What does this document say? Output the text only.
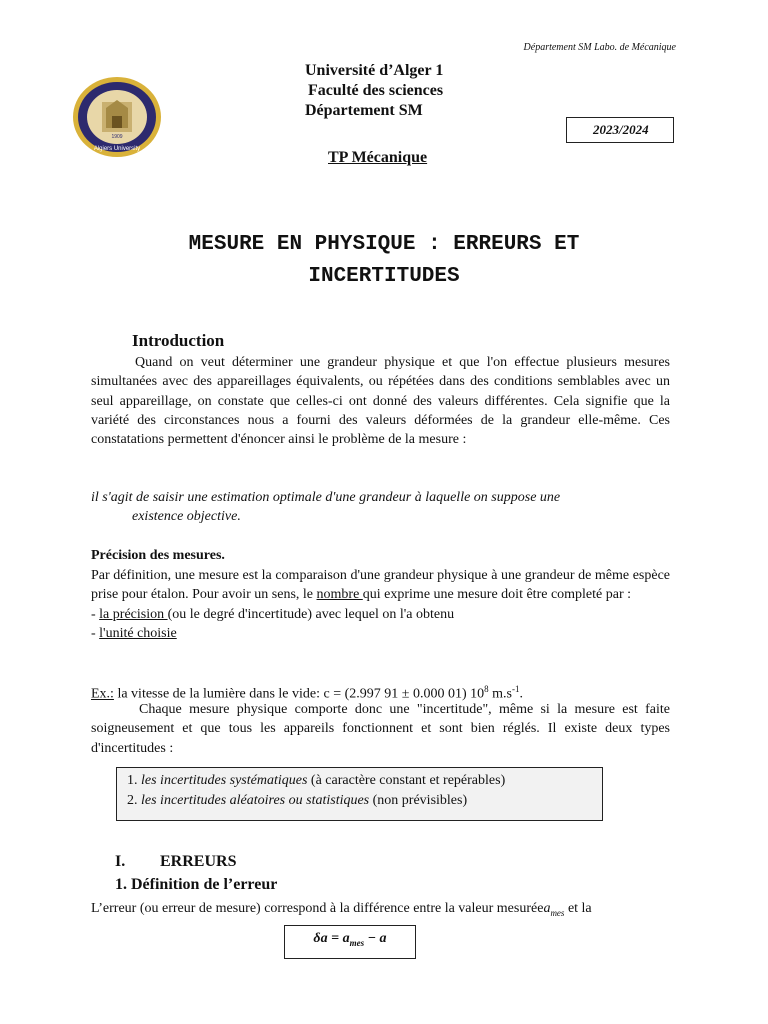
Département SM Labo. de Mécanique
Algiers University
1909
Université d’Alger 1
Faculté des sciences
Département SM
2023/2024
TP Mécanique
MESURE EN PHYSIQUE : ERREURS ET
INCERTITUDES
Introduction
Quand on veut déterminer une grandeur physique et que l'on effectue plusieurs mesures simultanées avec des appareillages équivalents, ou répétées dans des conditions semblables avec un seul appareillage, on constate que celles-ci ont donné des valeurs différentes. Cela signifie que la variété des circonstances nous a fourni des valeurs déformées de la grandeur elle-même. Ces constatations permettent d'énoncer ainsi le problème de la mesure :
il s'agit de saisir une estimation optimale d'une grandeur à laquelle on suppose une
existence objective.
Précision des mesures.
Par définition, une mesure est la comparaison d'une grandeur physique à une grandeur de même espèce prise pour étalon. Pour avoir un sens, le nombre qui exprime une mesure doit être completé par :
- la précision (ou le degré d'incertitude) avec lequel on l'a obtenu
- l'unité choisie
Ex.: la vitesse de la lumière dans le vide: c = (2.997 91 ± 0.000 01) $10^8$ $m.s^{-1}$.
Chaque mesure physique comporte donc une "incertitude", même si la mesure est faite soigneusement et que tous les appareils fonctionnent et sont bien réglés. Il existe deux types d'incertitudes :
1. les incertitudes systématiques (à caractère constant et repérables)
2. les incertitudes aléatoires ou statistiques (non prévisibles)
I. ERREURS
1. Définition de l’erreur
L’erreur (ou erreur de mesure) correspond à la différence entre la valeur mesuréea$_{mes}$ et la
$\delta a = a_{mes} - a$
